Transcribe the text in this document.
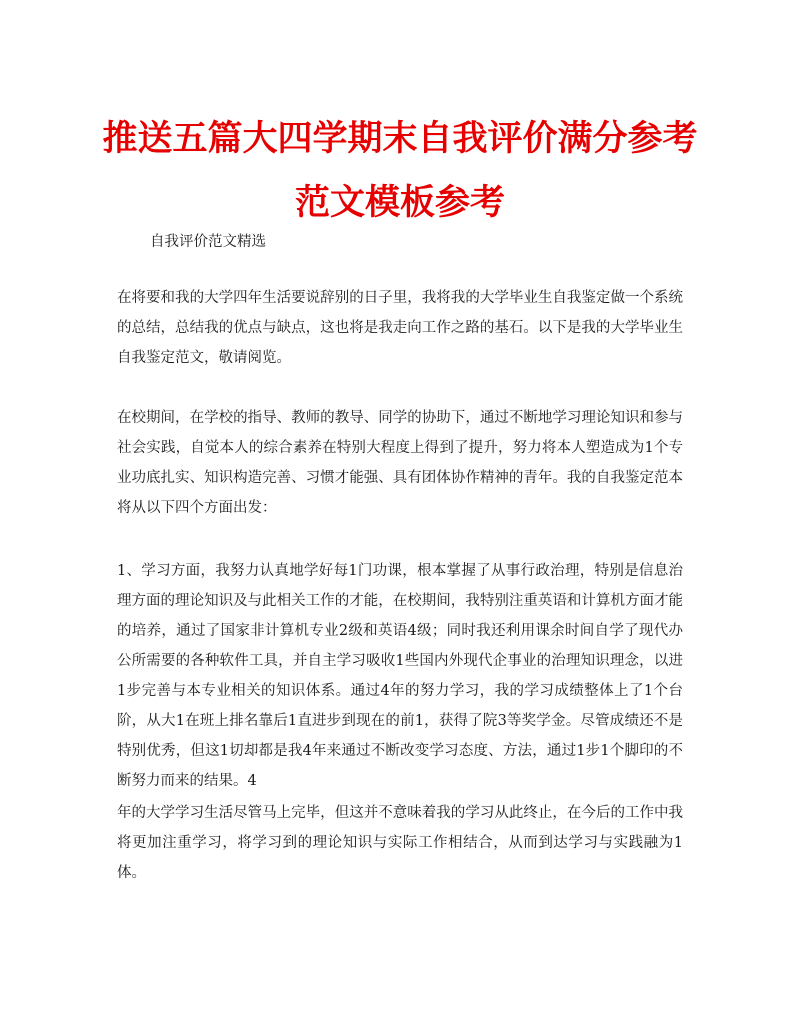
推送五篇大四学期末自我评价满分参考范文模板参考

自我评价范文精选

在将要和我的大学四年生活要说辞别的日子里，我将我的大学毕业生自我鉴定做一个系统的总结，总结我的优点与缺点，这也将是我走向工作之路的基石。以下是我的大学毕业生自我鉴定范文，敬请阅览。

在校期间，在学校的指导、教师的教导、同学的协助下，通过不断地学习理论知识和参与社会实践，自觉本人的综合素养在特别大程度上得到了提升，努力将本人塑造成为1个专业功底扎实、知识构造完善、习惯才能强、具有团体协作精神的青年。我的自我鉴定范本将从以下四个方面出发：

1、学习方面，我努力认真地学好每1门功课，根本掌握了从事行政治理，特别是信息治理方面的理论知识及与此相关工作的才能，在校期间，我特别注重英语和计算机方面才能的培养，通过了国家非计算机专业2级和英语4级；同时我还利用课余时间自学了现代办公所需要的各种软件工具，并自主学习吸收1些国内外现代企事业的治理知识理念，以进1步完善与本专业相关的知识体系。通过4年的努力学习，我的学习成绩整体上了1个台阶，从大1在班上排名靠后1直进步到现在的前1，获得了院3等奖学金。尽管成绩还不是特别优秀，但这1切却都是我4年来通过不断改变学习态度、方法，通过1步1个脚印的不断努力而来的结果。4

年的大学学习生活尽管马上完毕，但这并不意味着我的学习从此终止，在今后的工作中我将更加注重学习，将学习到的理论知识与实际工作相结合，从而到达学习与实践融为1体。
